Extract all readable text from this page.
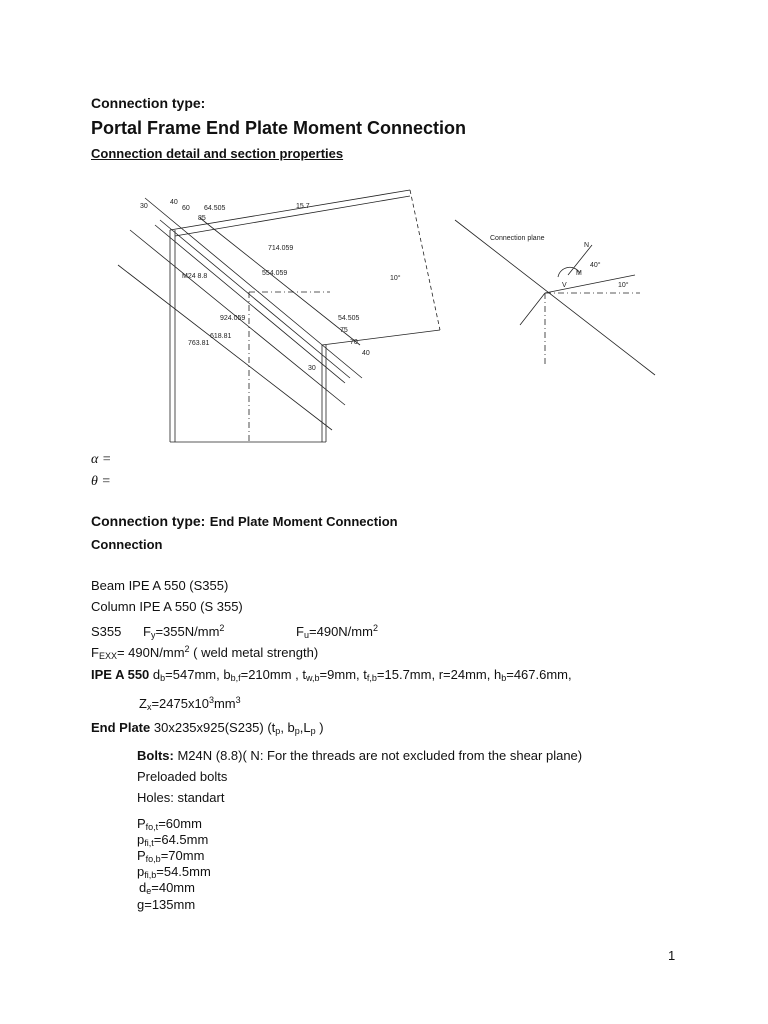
Connection type:
Portal Frame End Plate Moment Connection
Connection detail and section properties
30
40
60
85
64.505	15.7
714.059
554.059
924.059
618.81
763.81
54.505
75
70
40
30
10°
M24 8.8
Connection plane
N
M
V
40°
10°
α =
θ =
Connection type: End Plate Moment Connection
Connection
Beam IPE A 550 (S355)
Column IPE A 550 (S 355)
S355 $F_y=355N/mm^2$	$F_u=490N/mm^2$
$F_{EXX}= 490N/mm^2$ ( weld metal strength)
IPE A 550 $d_b=547mm$, $b_{b,f}=210mm$ , $t_{w,b}=9mm$, $t_{f,b}=15.7mm$, r=24mm, $h_b=467.6mm$,
$Z_x=2475x10^3mm^3$
End Plate 30x235x925(S235) ($t_p$, $b_p,L_p$ )
Bolts: M24N (8.8)( N: For the threads are not excluded from the shear plane)
Preloaded bolts
Holes: standart
$P_{fo,t}=60mm$
$p_{fi,t}=64.5mm$
$P_{fo,b}=70mm$
$p_{fi,b}=54.5mm$
$d_e=40mm$
g=135mm
1
